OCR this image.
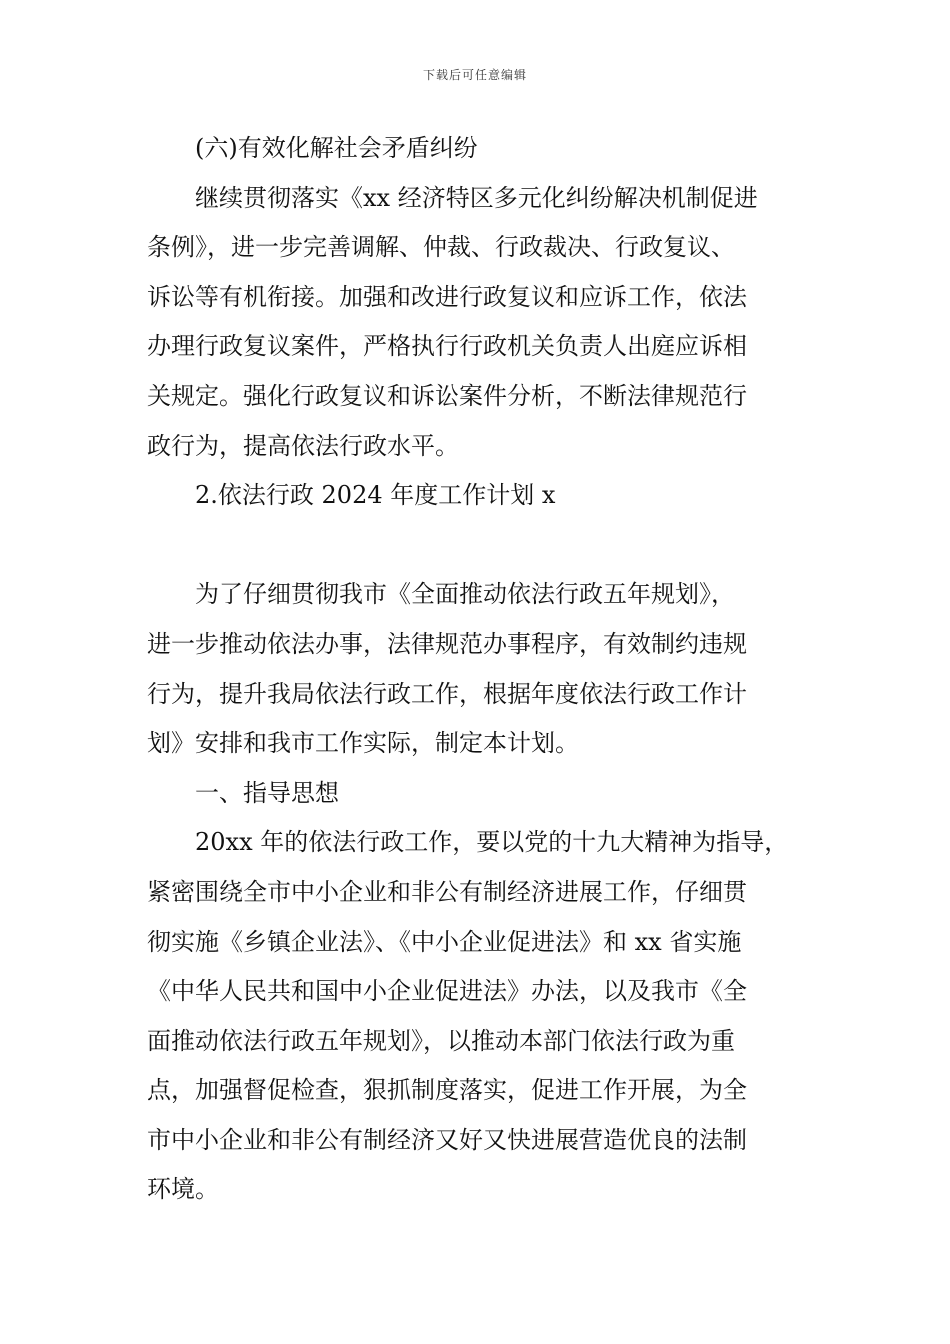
下载后可任意编辑
(六)有效化解社会矛盾纠纷
继续贯彻落实《xx 经济特区多元化纠纷解决机制促进
条例》，进一步完善调解、仲裁、行政裁决、行政复议、
诉讼等有机衔接。加强和改进行政复议和应诉工作，依法
办理行政复议案件，严格执行行政机关负责人出庭应诉相
关规定。强化行政复议和诉讼案件分析，不断法律规范行
政行为，提高依法行政水平。
2.依法行政 2024 年度工作计划 x
为了仔细贯彻我市《全面推动依法行政五年规划》，
进一步推动依法办事，法律规范办事程序，有效制约违规
行为，提升我局依法行政工作，根据年度依法行政工作计
划》安排和我市工作实际，制定本计划。
一、指导思想
20xx 年的依法行政工作，要以党的十九大精神为指导，
紧密围绕全市中小企业和非公有制经济进展工作，仔细贯
彻实施《乡镇企业法》、《中小企业促进法》和 xx 省实施
《中华人民共和国中小企业促进法》办法，以及我市《全
面推动依法行政五年规划》，以推动本部门依法行政为重
点，加强督促检查，狠抓制度落实，促进工作开展，为全
市中小企业和非公有制经济又好又快进展营造优良的法制
环境。
